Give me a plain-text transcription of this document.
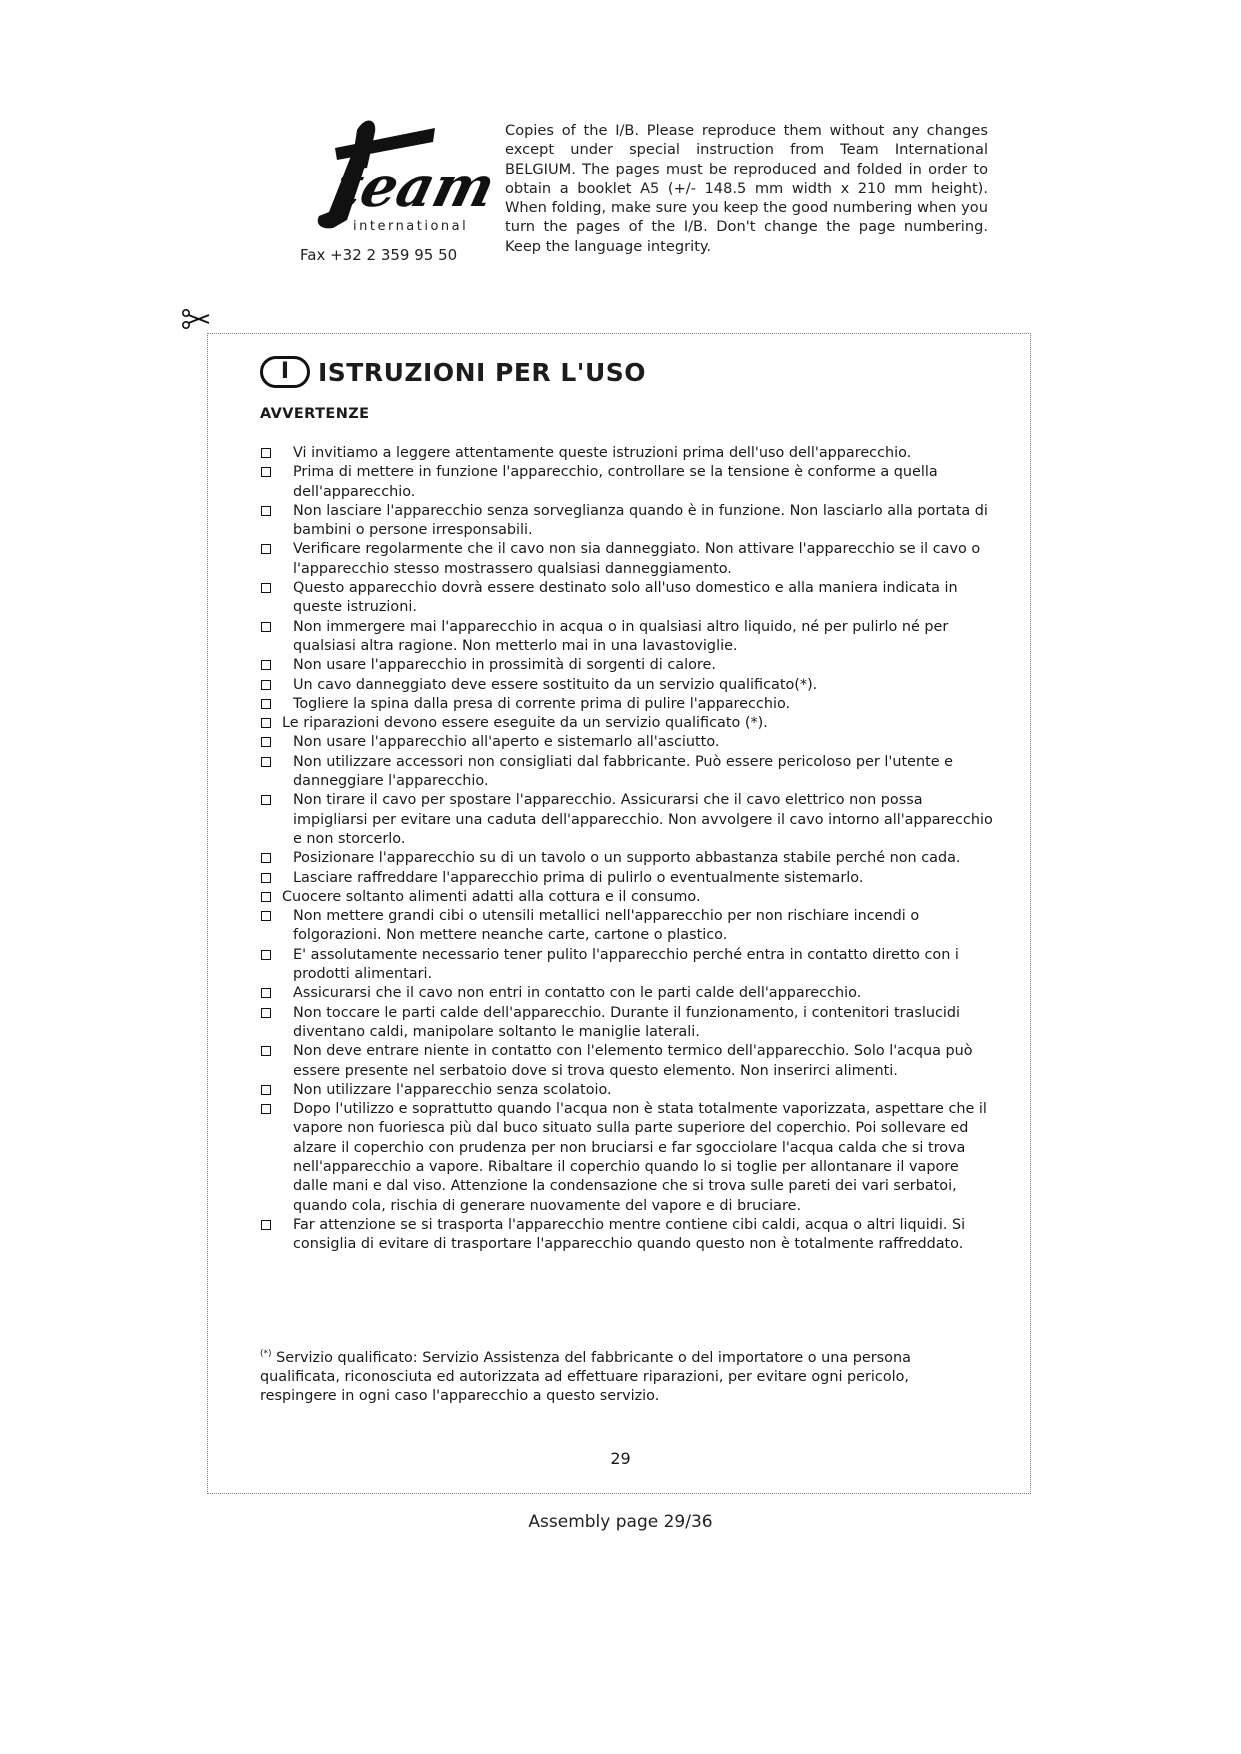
team
international
Fax +32 2 359 95 50
Copies of the I/B. Please reproduce them without any changes except under special instruction from Team International BELGIUM. The pages must be reproduced and folded in order to obtain a booklet A5 (+/- 148.5 mm width x 210 mm height). When folding, make sure you keep the good numbering when you turn the pages of the I/B. Don't change the page numbering. Keep the language integrity.
I	ISTRUZIONI PER L'USO
AVVERTENZE
Vi invitiamo a leggere attentamente queste istruzioni prima dell'uso dell'apparecchio.
Prima di mettere in funzione l'apparecchio, controllare se la tensione è conforme a quella dell'apparecchio.
Non lasciare l'apparecchio senza sorveglianza quando è in funzione. Non lasciarlo alla portata di bambini o persone irresponsabili.
Verificare regolarmente che il cavo non sia danneggiato. Non attivare l'apparecchio se il cavo o l'apparecchio stesso mostrassero qualsiasi danneggiamento.
Questo apparecchio dovrà essere destinato solo all'uso domestico e alla maniera indicata in queste istruzioni.
Non immergere mai l'apparecchio in acqua o in qualsiasi altro liquido, né per pulirlo né per qualsiasi altra ragione. Non metterlo mai in una lavastoviglie.
Non usare l'apparecchio in prossimità di sorgenti di calore.
Un cavo danneggiato deve essere sostituito da un servizio qualificato(*).
Togliere la spina dalla presa di corrente prima di pulire l'apparecchio.
Le riparazioni devono essere eseguite da un servizio qualificato (*).
Non usare l'apparecchio all'aperto e sistemarlo all'asciutto.
Non utilizzare accessori non consigliati dal fabbricante. Può essere pericoloso per l'utente e danneggiare l'apparecchio.
Non tirare il cavo per spostare l'apparecchio. Assicurarsi che il cavo elettrico non possa impigliarsi per evitare una caduta dell'apparecchio. Non avvolgere il cavo intorno all'apparecchio e non storcerlo.
Posizionare l'apparecchio su di un tavolo o un supporto abbastanza stabile perché non cada.
Lasciare raffreddare l'apparecchio prima di pulirlo o eventualmente sistemarlo.
Cuocere soltanto alimenti adatti alla cottura e il consumo.
Non mettere grandi cibi o utensili metallici nell'apparecchio per non rischiare incendi o folgorazioni. Non mettere neanche carte, cartone o plastico.
E' assolutamente necessario tener pulito l'apparecchio perché entra in contatto diretto con i prodotti alimentari.
Assicurarsi che il cavo non entri in contatto con le parti calde dell'apparecchio.
Non toccare le parti calde dell'apparecchio. Durante il funzionamento, i contenitori traslucidi diventano caldi, manipolare soltanto le maniglie laterali.
Non deve entrare niente in contatto con l'elemento termico dell'apparecchio. Solo l'acqua può essere presente nel serbatoio dove si trova questo elemento. Non inserirci alimenti.
Non utilizzare l'apparecchio senza scolatoio.
Dopo l'utilizzo e soprattutto quando l'acqua non è stata totalmente vaporizzata, aspettare che il vapore non fuoriesca più dal buco situato sulla parte superiore del coperchio. Poi sollevare ed alzare il coperchio con prudenza per non bruciarsi e far sgocciolare l'acqua calda che si trova nell'apparecchio a vapore. Ribaltare il coperchio quando lo si toglie per allontanare il vapore dalle mani e dal viso. Attenzione la condensazione che si trova sulle pareti dei vari serbatoi, quando cola, rischia di generare nuovamente del vapore e di bruciare.
Far attenzione se si trasporta l'apparecchio mentre contiene cibi caldi, acqua o altri liquidi. Si consiglia di evitare di trasportare l'apparecchio quando questo non è totalmente raffreddato.
(*) Servizio qualificato: Servizio Assistenza del fabbricante o del importatore o una persona qualificata, riconosciuta ed autorizzata ad effettuare riparazioni, per evitare ogni pericolo, respingere in ogni caso l'apparecchio a questo servizio.
29
Assembly page 29/36
